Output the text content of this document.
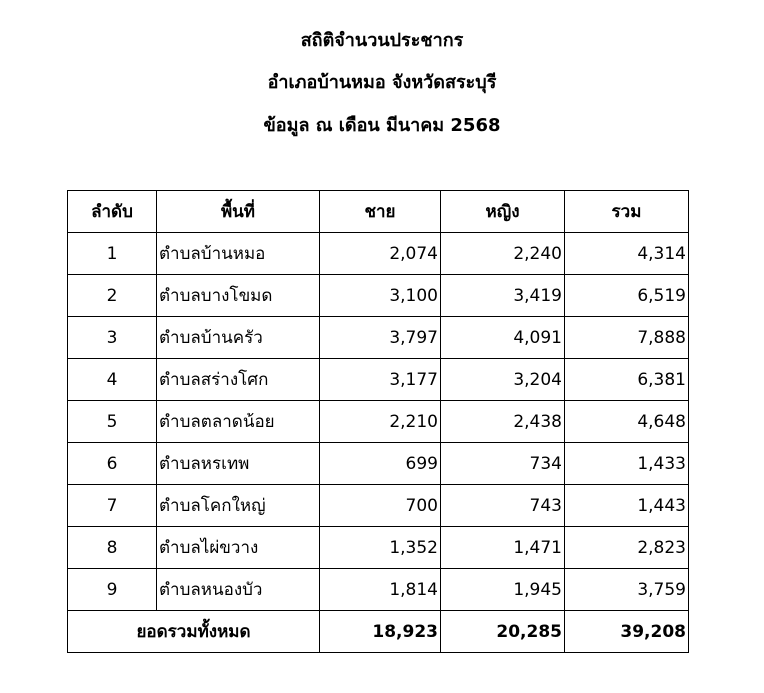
สถิติจำนวนประชากร
อำเภอบ้านหมอ จังหวัดสระบุรี
ข้อมูล ณ เดือน มีนาคม 2568
ลำดับ	พื้นที่	ชาย	หญิง	รวม
1	ตำบลบ้านหมอ	2,074	2,240	4,314
2	ตำบลบางโขมด	3,100	3,419	6,519
3	ตำบลบ้านครัว	3,797	4,091	7,888
4	ตำบลสร่างโศก	3,177	3,204	6,381
5	ตำบลตลาดน้อย	2,210	2,438	4,648
6	ตำบลหรเทพ	699	734	1,433
7	ตำบลโคกใหญ่	700	743	1,443
8	ตำบลไผ่ขวาง	1,352	1,471	2,823
9	ตำบลหนองบัว	1,814	1,945	3,759
ยอดรวมทั้งหมด		18,923	20,285	39,208
